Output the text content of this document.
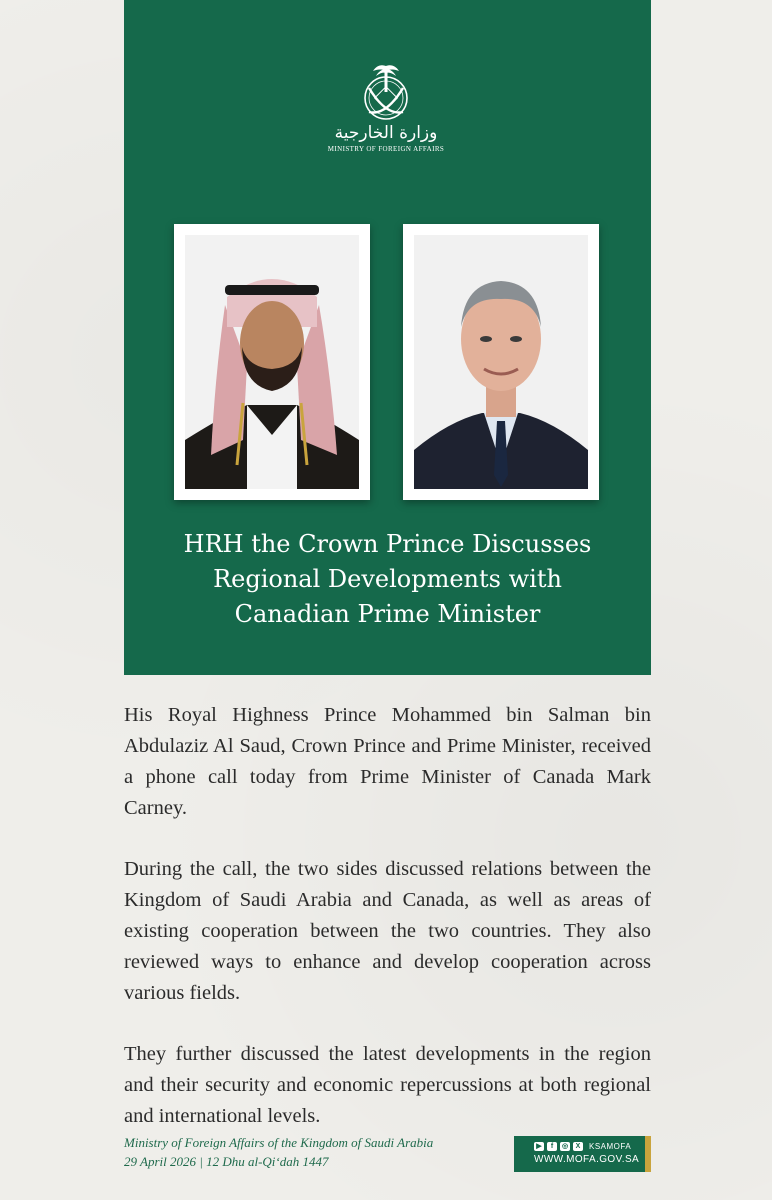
وزارة الخارجية
MINISTRY OF FOREIGN AFFAIRS
HRH the Crown Prince Discusses
Regional Developments with
Canadian Prime Minister

His Royal Highness Prince Mohammed bin Salman bin Abdulaziz Al Saud, Crown Prince and Prime Minister, received a phone call today from Prime Minister of Canada Mark Carney.

During the call, the two sides discussed relations between the Kingdom of Saudi Arabia and Canada, as well as areas of existing cooperation between the two countries. They also reviewed ways to enhance and develop cooperation across various fields.

They further discussed the latest developments in the region and their security and economic repercussions at both regional and international levels.

Ministry of Foreign Affairs of the Kingdom of Saudi Arabia
29 April 2026 | 12 Dhu al-Qi‘dah 1447
▶	f	◎	X	KSAMOFA
WWW.MOFA.GOV.SA
